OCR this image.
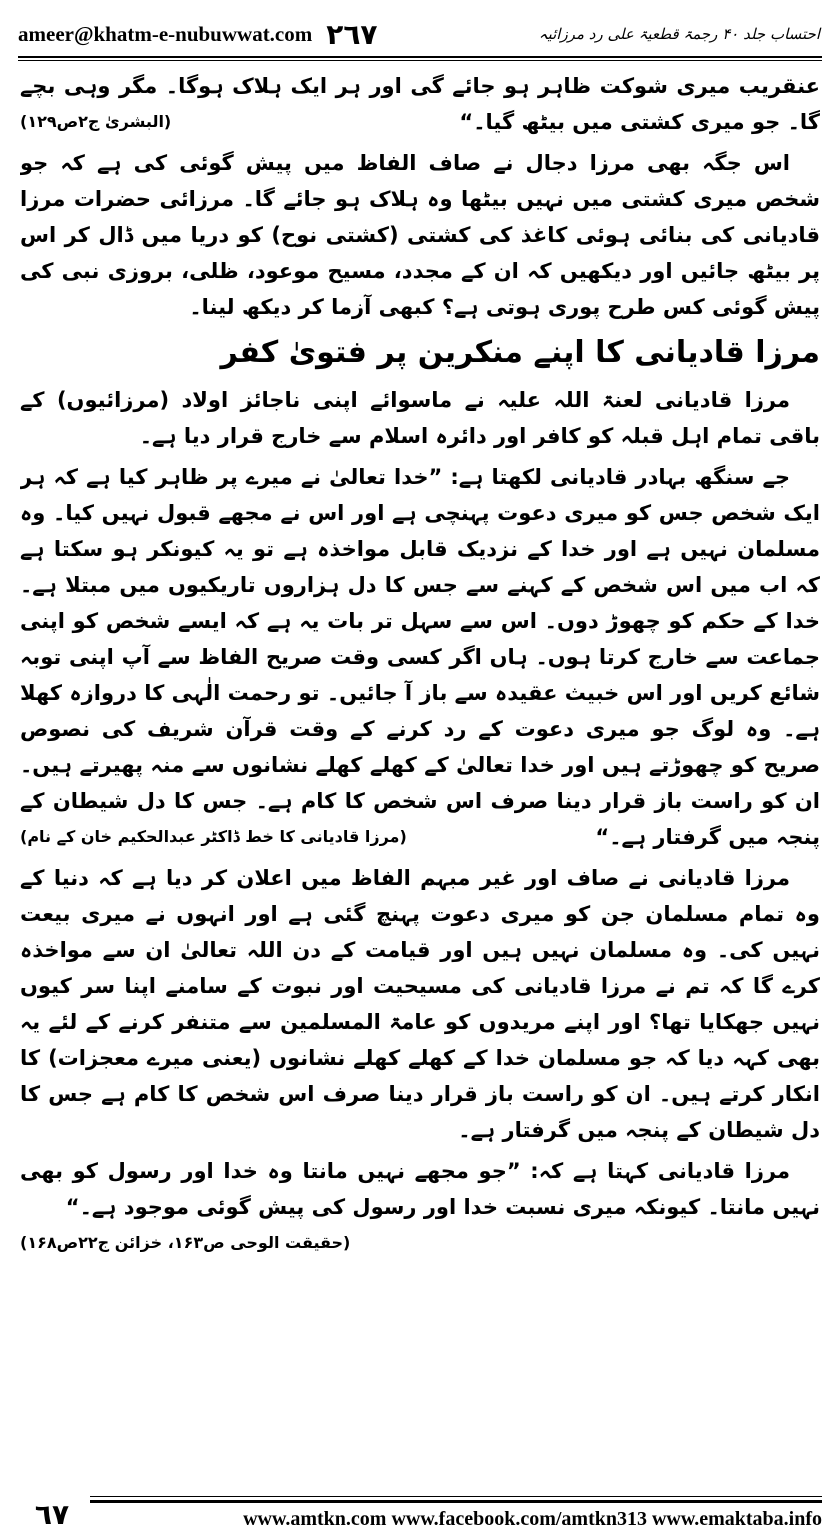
ameer@khatm-e-nubuwwat.com ٢٦٧	احتساب جلد ۴۰ رجمۃ قطعیۃ علی رد مرزائیہ

عنقریب میری شوکت ظاہر ہو جائے گی اور ہر ایک ہلاک ہوگا۔ مگر وہی بچے گا۔ جو میری کشتی میں بیٹھ گیا۔“
(البشریٰ ج۲ص۱۲۹)

اس جگہ بھی مرزا دجال نے صاف الفاظ میں پیش گوئی کی ہے کہ جو شخص میری کشتی میں نہیں بیٹھا وہ ہلاک ہو جائے گا۔ مرزائی حضرات مرزا قادیانی کی بنائی ہوئی کاغذ کی کشتی (کشتی نوح) کو دریا میں ڈال کر اس پر بیٹھ جائیں اور دیکھیں کہ ان کے مجدد، مسیح موعود، ظلی، بروزی نبی کی پیش گوئی کس طرح پوری ہوتی ہے؟ کبھی آزما کر دیکھ لینا۔

مرزا قادیانی کا اپنے منکرین پر فتویٰ کفر

مرزا قادیانی لعنۃ اللہ علیہ نے ماسوائے اپنی ناجائز اولاد (مرزائیوں) کے باقی تمام اہل قبلہ کو کافر اور دائرہ اسلام سے خارج قرار دیا ہے۔

جے سنگھ بہادر قادیانی لکھتا ہے: ”خدا تعالیٰ نے میرے پر ظاہر کیا ہے کہ ہر ایک شخص جس کو میری دعوت پہنچی ہے اور اس نے مجھے قبول نہیں کیا۔ وہ مسلمان نہیں ہے اور خدا کے نزدیک قابل مواخذہ ہے تو یہ کیونکر ہو سکتا ہے کہ اب میں اس شخص کے کہنے سے جس کا دل ہزاروں تاریکیوں میں مبتلا ہے۔ خدا کے حکم کو چھوڑ دوں۔ اس سے سہل تر بات یہ ہے کہ ایسے شخص کو اپنی جماعت سے خارج کرتا ہوں۔ ہاں اگر کسی وقت صریح الفاظ سے آپ اپنی توبہ شائع کریں اور اس خبیث عقیدہ سے باز آ جائیں۔ تو رحمت الٰہی کا دروازہ کھلا ہے۔ وہ لوگ جو میری دعوت کے رد کرنے کے وقت قرآن شریف کی نصوص صریح کو چھوڑتے ہیں اور خدا تعالیٰ کے کھلے کھلے نشانوں سے منہ پھیرتے ہیں۔ ان کو راست باز قرار دینا صرف اس شخص کا کام ہے۔ جس کا دل شیطان کے پنجہ میں گرفتار ہے۔“
(مرزا قادیانی کا خط ڈاکٹر عبدالحکیم خان کے نام)

مرزا قادیانی نے صاف اور غیر مبہم الفاظ میں اعلان کر دیا ہے کہ دنیا کے وہ تمام مسلمان جن کو میری دعوت پہنچ گئی ہے اور انہوں نے میری بیعت نہیں کی۔ وہ مسلمان نہیں ہیں اور قیامت کے دن اللہ تعالیٰ ان سے مواخذہ کرے گا کہ تم نے مرزا قادیانی کی مسیحیت اور نبوت کے سامنے اپنا سر کیوں نہیں جھکایا تھا؟ اور اپنے مریدوں کو عامۃ المسلمین سے متنفر کرنے کے لئے یہ بھی کہہ دیا کہ جو مسلمان خدا کے کھلے کھلے نشانوں (یعنی میرے معجزات) کا انکار کرتے ہیں۔ ان کو راست باز قرار دینا صرف اس شخص کا کام ہے جس کا دل شیطان کے پنجہ میں گرفتار ہے۔

مرزا قادیانی کہتا ہے کہ: ”جو مجھے نہیں مانتا وہ خدا اور رسول کو بھی نہیں مانتا۔ کیونکہ میری نسبت خدا اور رسول کی پیش گوئی موجود ہے۔“
(حقیقت الوحی ص۱۶۳، خزائن ج۲۲ص۱۶۸)

٦٧	www.amtkn.com www.facebook.com/amtkn313 www.emaktaba.info
